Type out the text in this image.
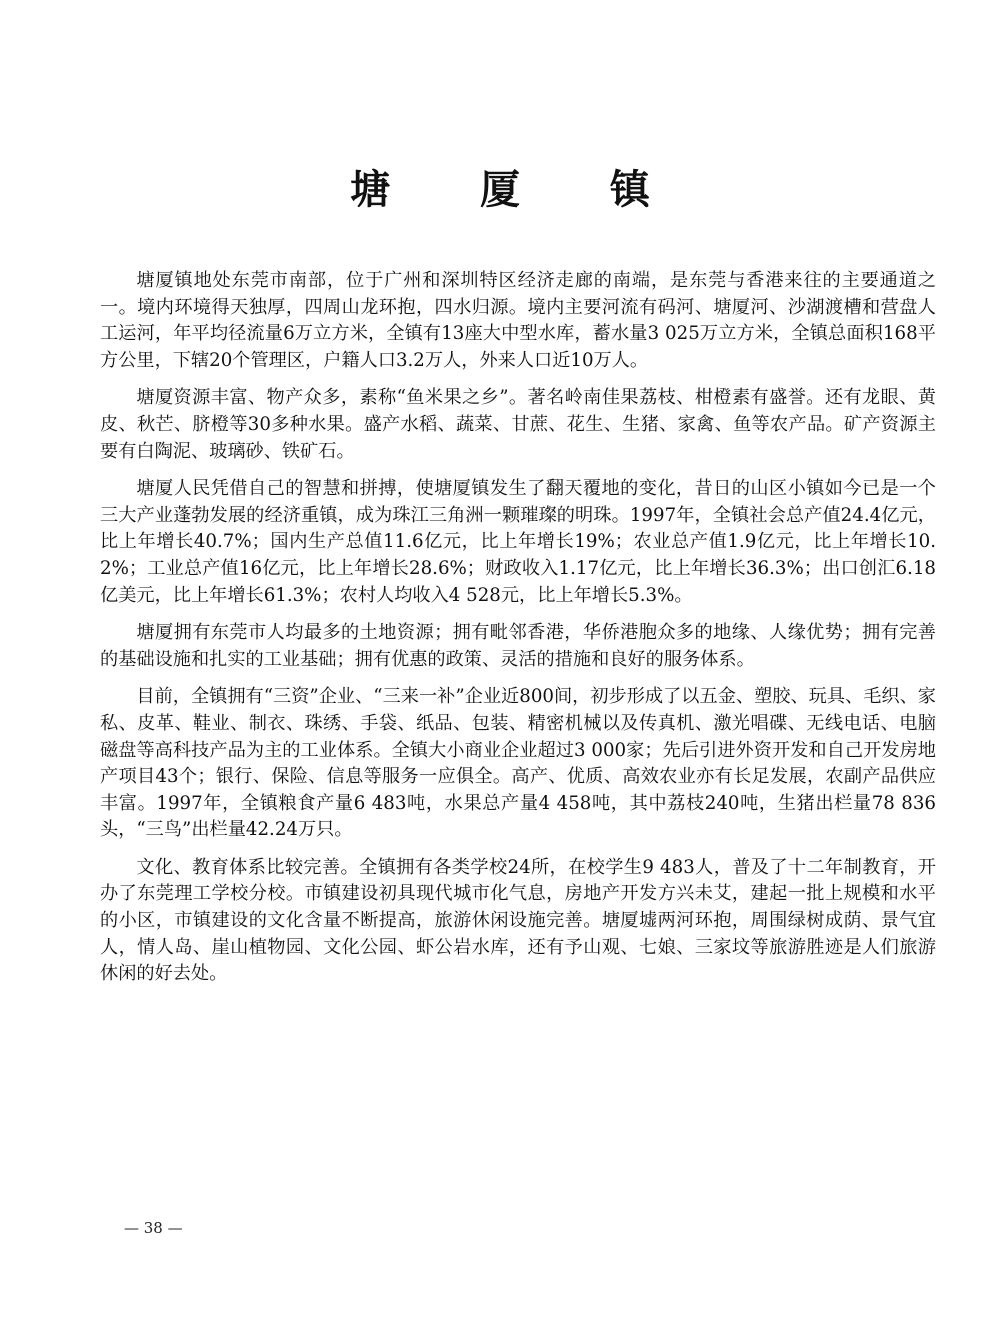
塘 厦 镇

塘厦镇地处东莞市南部，位于广州和深圳特区经济走廊的南端，是东莞与香港来往的主要通道之一。境内环境得天独厚，四周山龙环抱，四水归源。境内主要河流有码河、塘厦河、沙湖渡槽和营盘人工运河，年平均径流量6万立方米，全镇有13座大中型水库，蓄水量3 025万立方米，全镇总面积168平方公里，下辖20个管理区，户籍人口3.2万人，外来人口近10万人。

塘厦资源丰富、物产众多，素称“鱼米果之乡”。著名岭南佳果荔枝、柑橙素有盛誉。还有龙眼、黄皮、秋芒、脐橙等30多种水果。盛产水稻、蔬菜、甘蔗、花生、生猪、家禽、鱼等农产品。矿产资源主要有白陶泥、玻璃砂、铁矿石。

塘厦人民凭借自己的智慧和拼搏，使塘厦镇发生了翻天覆地的变化，昔日的山区小镇如今已是一个三大产业蓬勃发展的经济重镇，成为珠江三角洲一颗璀璨的明珠。1997年，全镇社会总产值24.4亿元，比上年增长40.7%；国内生产总值11.6亿元，比上年增长19%；农业总产值1.9亿元，比上年增长10.2%；工业总产值16亿元，比上年增长28.6%；财政收入1.17亿元，比上年增长36.3%；出口创汇6.18亿美元，比上年增长61.3%；农村人均收入4 528元，比上年增长5.3%。

塘厦拥有东莞市人均最多的土地资源；拥有毗邻香港，华侨港胞众多的地缘、人缘优势；拥有完善的基础设施和扎实的工业基础；拥有优惠的政策、灵活的措施和良好的服务体系。

目前，全镇拥有“三资”企业、“三来一补”企业近800间，初步形成了以五金、塑胶、玩具、毛织、家私、皮革、鞋业、制衣、珠绣、手袋、纸品、包装、精密机械以及传真机、激光唱碟、无线电话、电脑磁盘等高科技产品为主的工业体系。全镇大小商业企业超过3 000家；先后引进外资开发和自己开发房地产项目43个；银行、保险、信息等服务一应俱全。高产、优质、高效农业亦有长足发展，农副产品供应丰富。1997年，全镇粮食产量6 483吨，水果总产量4 458吨，其中荔枝240吨，生猪出栏量78 836头，“三鸟”出栏量42.24万只。

文化、教育体系比较完善。全镇拥有各类学校24所，在校学生9 483人，普及了十二年制教育，开办了东莞理工学校分校。市镇建设初具现代城市化气息，房地产开发方兴未艾，建起一批上规模和水平的小区，市镇建设的文化含量不断提高，旅游休闲设施完善。塘厦墟两河环抱，周围绿树成荫、景气宜人，情人岛、崖山植物园、文化公园、虾公岩水库，还有予山观、七娘、三家坟等旅游胜迹是人们旅游休闲的好去处。

— 38 —
